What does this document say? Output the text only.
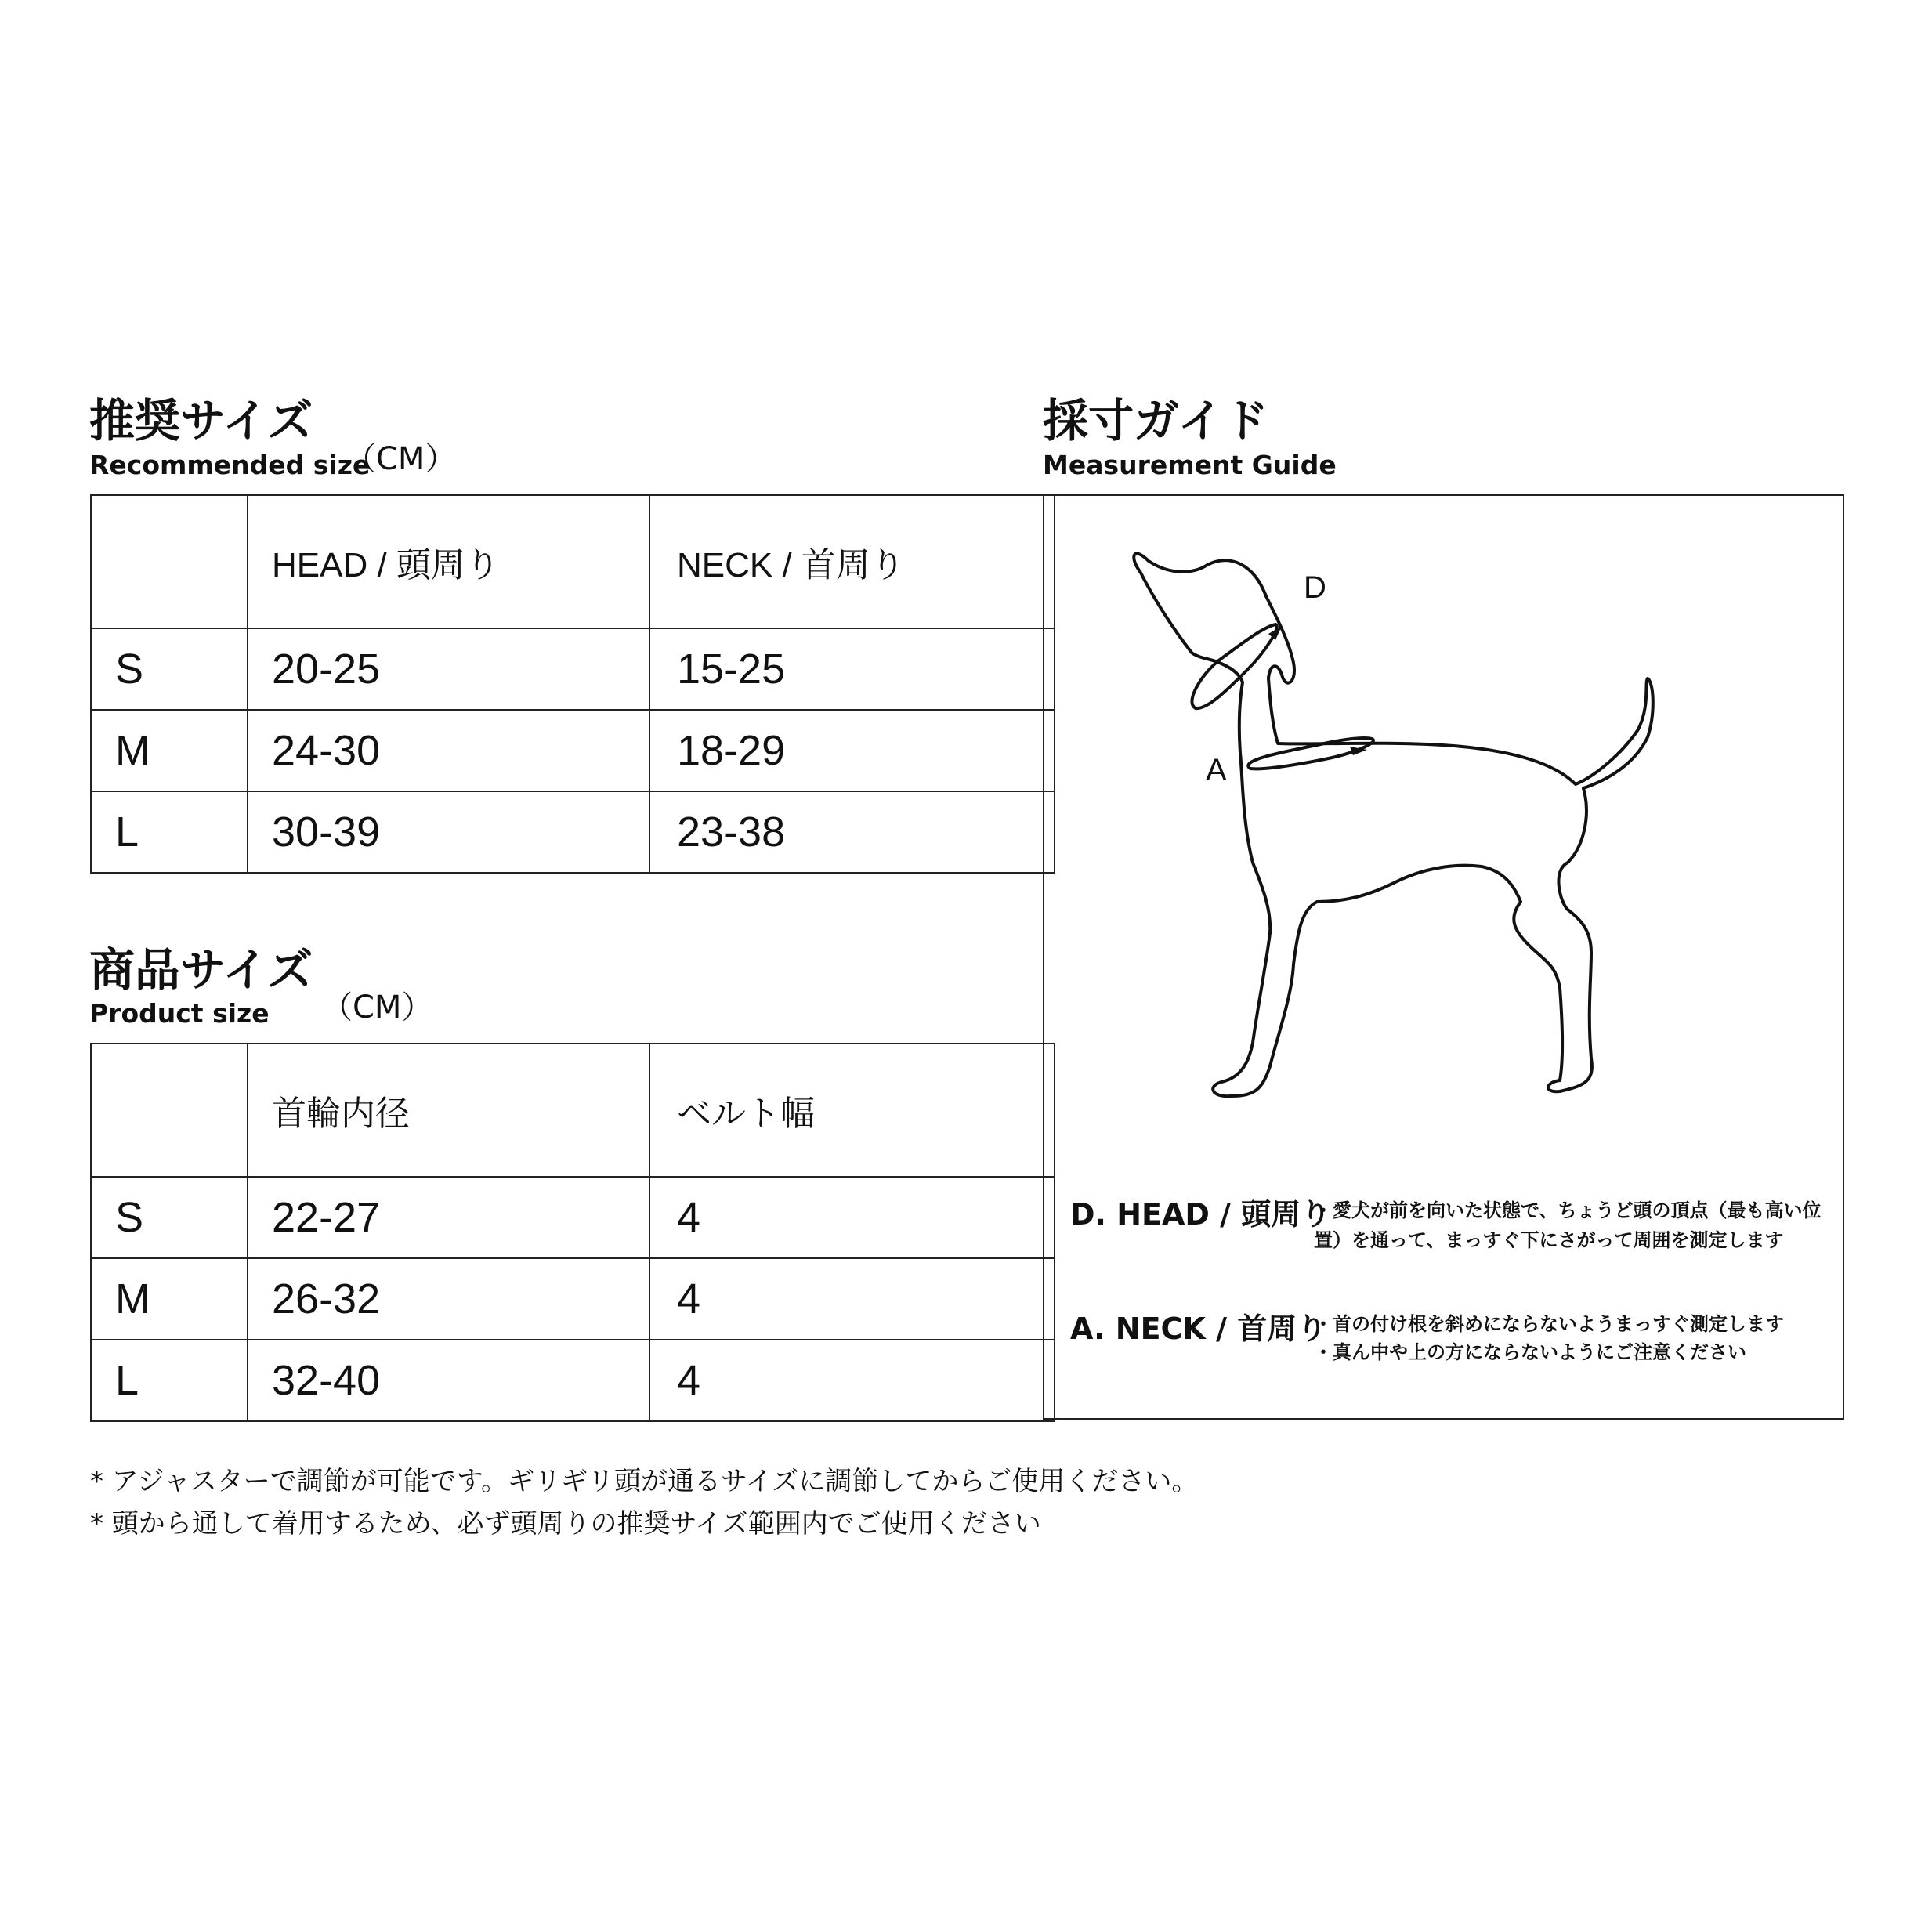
推奨サイズ
Recommended size
（CM）
	HEAD / 頭周り	NECK / 首周り
S	20-25	15-25
M	24-30	18-29
L	30-39	23-38
商品サイズ
Product size （CM）
	首輪内径	ベルト幅
S	22-27	4
M	26-32	4
L	32-40	4
採寸ガイド
Measurement Guide
D
A
D. HEAD / 頭周り
・愛犬が前を向いた状態で、ちょうど頭の頂点（最も高い位置）を通って、まっすぐ下にさがって周囲を測定します
A. NECK / 首周り
・首の付け根を斜めにならないようまっすぐ測定します
・真ん中や上の方にならないようにご注意ください
* アジャスターで調節が可能です。ギリギリ頭が通るサイズに調節してからご使用ください。
* 頭から通して着用するため、必ず頭周りの推奨サイズ範囲内でご使用ください
